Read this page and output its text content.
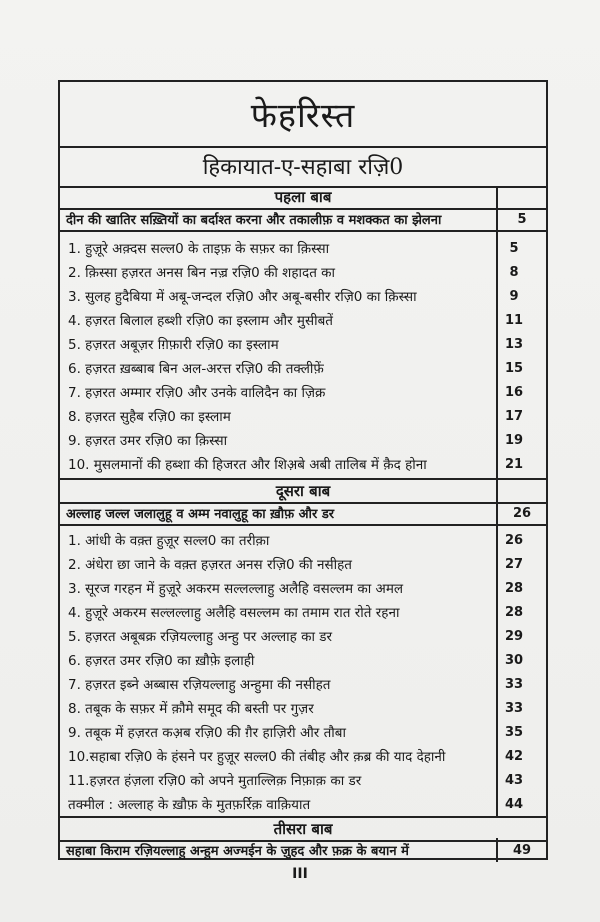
फेहरिस्त
हिकायात-ए-सहाबा रज़ि0
पहला बाब
दीन की खातिर सख़्तियों का बर्दाश्त करना और तकालीफ़ व मशक्कत का झेलना	5
1. हुज़ूरे अक़्दस सल्ल0 के ताइफ़ के सफ़र का क़िस्सा	5
2. क़िस्सा हज़रत अनस बिन नज़्र रज़ि0 की शहादत का	8
3. सुलह हुदैबिया में अबू-जन्दल रज़ि0 और अबू-बसीर रज़ि0 का क़िस्सा	9
4. हज़रत बिलाल हब्शी रज़ि0 का इस्लाम और मुसीबतें	11
5. हज़रत अबूज़र ग़िफ़ारी रज़ि0 का इस्लाम	13
6. हज़रत ख़ब्बाब बिन अल-अरत्त रज़ि0 की तक्लीफ़ें	15
7. हज़रत अम्मार रज़ि0 और उनके वालिदैन का ज़िक्र	16
8. हज़रत सुहैब रज़ि0 का इस्लाम	17
9. हज़रत उमर रज़ि0 का क़िस्सा	19
10. मुसलमानों की हब्शा की हिजरत और शिअ़बे अबी तालिब में क़ैद होना	21
दूसरा बाब
अल्लाह जल्ल जलालुहू व अम्म नवालुहू का ख़ौफ़ और डर	26
1. आंधी के वक़्त हुज़ूर सल्ल0 का तरीक़ा	26
2. अंधेरा छा जाने के वक़्त हज़रत अनस रज़ि0 की नसीहत	27
3. सूरज गरहन में हुज़ूरे अकरम सल्लल्लाहु अलैहि वसल्लम का अमल	28
4. हुज़ूरे अकरम सल्लल्लाहु अलैहि वसल्लम का तमाम रात रोते रहना	28
5. हज़रत अबूबक्र रज़ियल्लाहु अन्हु पर अल्लाह का डर	29
6. हज़रत उमर रज़ि0 का ख़ौफ़े इलाही	30
7. हज़रत इब्ने अब्बास रज़ियल्लाहु अन्हुमा की नसीहत	33
8. तबूक के सफ़र में क़ौमे समूद की बस्ती पर गुज़र	33
9. तबूक में हज़रत कअ़ब रज़ि0 की ग़ैर हाज़िरी और तौबा	35
10.सहाबा रज़ि0 के हंसने पर हुज़ूर सल्ल0 की तंबीह और क़ब्र की याद देहानी	42
11.हज़रत हंज़ला रज़ि0 को अपने मुताल्लिक़ निफ़ाक़ का डर	43
तक्मील : अल्लाह के ख़ौफ़ के मुतफ़र्रिक़ वाक़ियात	44
तीसरा बाब
सहाबा किराम रज़ियल्लाहु अन्हुम अज्मईन के ज़ुहद और फ़क्र के बयान में	49
III
